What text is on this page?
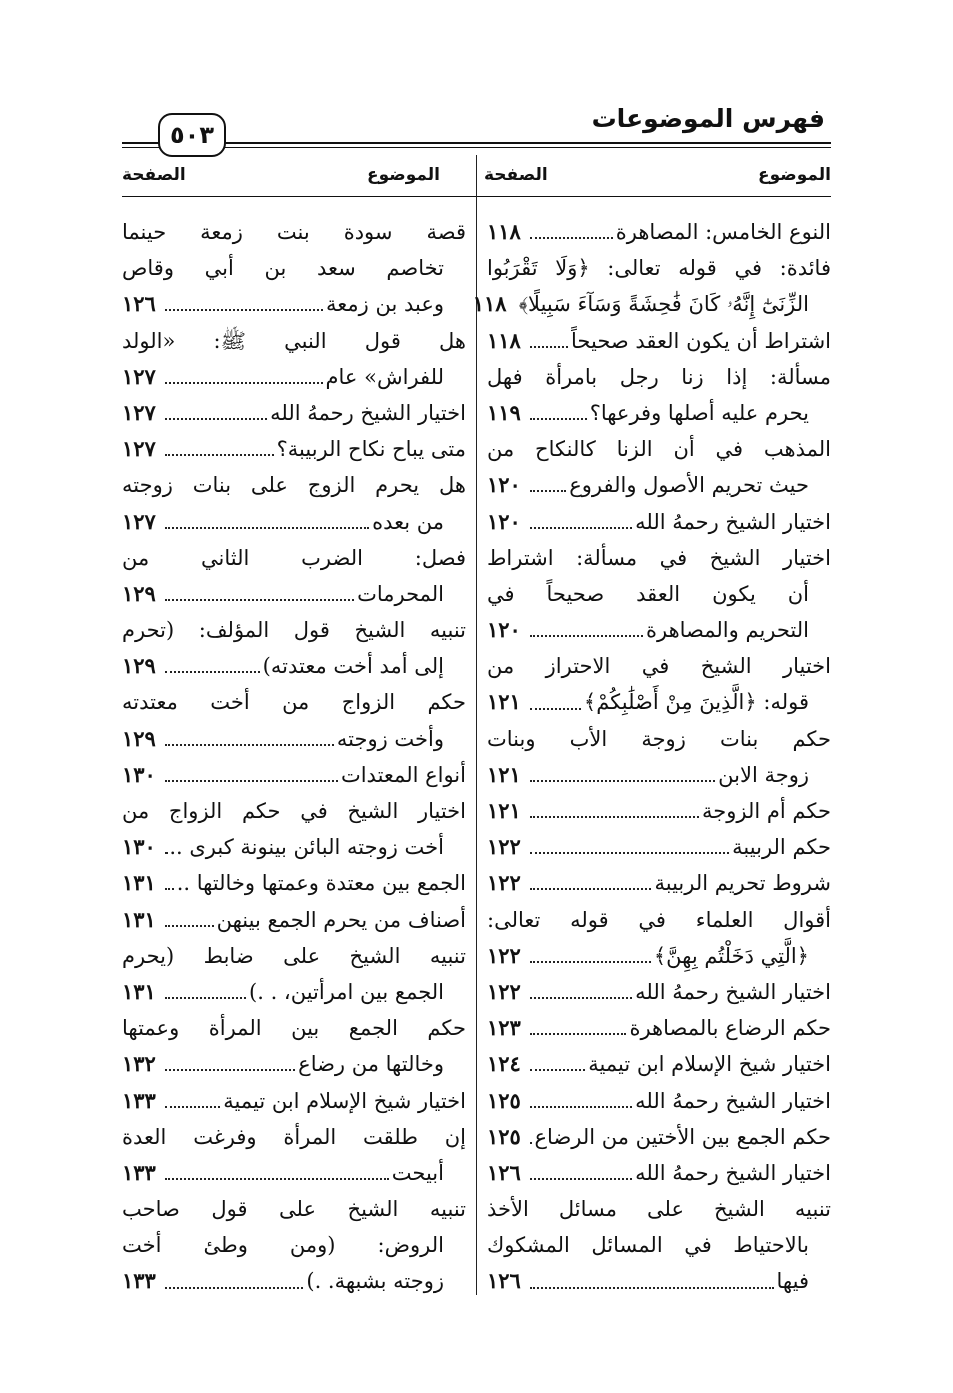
فهرس الموضوعات
٥٠٣
الموضوع
الصفحة
الموضوع
الصفحة
النوع الخامس: المصاهرة
١١٨
فائدة: في قوله تعالى: ﴿وَلَا تَقْرَبُوا
الزِّنَىٰٓ إِنَّهُۥ كَانَ فَٰحِشَةً وَسَآءَ سَبِيلًا﴾
١١٨
اشتراط أن يكون العقد صحيحاً
١١٨
مسألة: إذا زنا رجل بامرأة فهل
يحرم عليه أصلها وفرعها؟
١١٩
المذهب في أن الزنا كالنكاح من
حيث تحريم الأصول والفروع
١٢٠
اختيار الشيخ رحمهُ الله
١٢٠
اختيار الشيخ في مسألة: اشتراط
أن يكون العقد صحيحاً في
التحريم والمصاهرة
١٢٠
اختيار الشيخ في الاحتراز من
قوله: ﴿الَّذِينَ مِنْ أَصْلَٰبِكُمْ﴾
١٢١
حكم بنات زوجة الأب وبنات
زوجة الابن
١٢١
حكم أم الزوجة
١٢١
حكم الربيبة
١٢٢
شروط تحريم الربيبة
١٢٢
أقوال العلماء في قوله تعالى:
﴿الَّتِي دَخَلْتُم بِهِنَّ﴾
١٢٢
اختيار الشيخ رحمهُ الله
١٢٢
حكم الرضاع بالمصاهرة
١٢٣
اختيار شيخ الإسلام ابن تيمية
١٢٤
اختيار الشيخ رحمهُ الله
١٢٥
حكم الجمع بين الأختين من الرضاع
١٢٥
اختيار الشيخ رحمهُ الله
١٢٦
تنبيه الشيخ على مسائل الأخذ
بالاحتياط في المسائل المشكوك
فيها
١٢٦
قصة سودة بنت زمعة حينما
تخاصم سعد بن أبي وقاص
وعبد بن زمعة
١٢٦
هل قول النبي ﷺ: «الولد
للفراش» عام
١٢٧
اختيار الشيخ رحمهُ الله
١٢٧
متى يباح نكاح الربيبة؟
١٢٧
هل يحرم الزوج على بنات زوجته
من بعده
١٢٧
فصل: الضرب الثاني من
المحرمات
١٢٩
تنبيه الشيخ قول المؤلف: (تحرم
إلى أمد أخت معتدته)
١٢٩
حكم الزواج من أخت معتدته
وأخت زوجته
١٢٩
أنواع المعتدات
١٣٠
اختيار الشيخ في حكم الزواج من
أخت زوجته البائن بينونة كبرى ..
١٣٠
الجمع بين معتدة وعمتها وخالتها ..
١٣١
أصناف من يحرم الجمع بينهن
١٣١
تنبيه الشيخ على ضابط (يحرم
الجمع بين امرأتين، . .)
١٣١
حكم الجمع بين المرأة وعمتها
وخالتها من رضاع
١٣٢
اختيار شيخ الإسلام ابن تيمية
١٣٣
إن طلقت المرأة وفرغت العدة
أبيحت
١٣٣
تنبيه الشيخ على قول صاحب
الروض: (ومن وطئ أخت
زوجته بشبهة. .)
١٣٣
